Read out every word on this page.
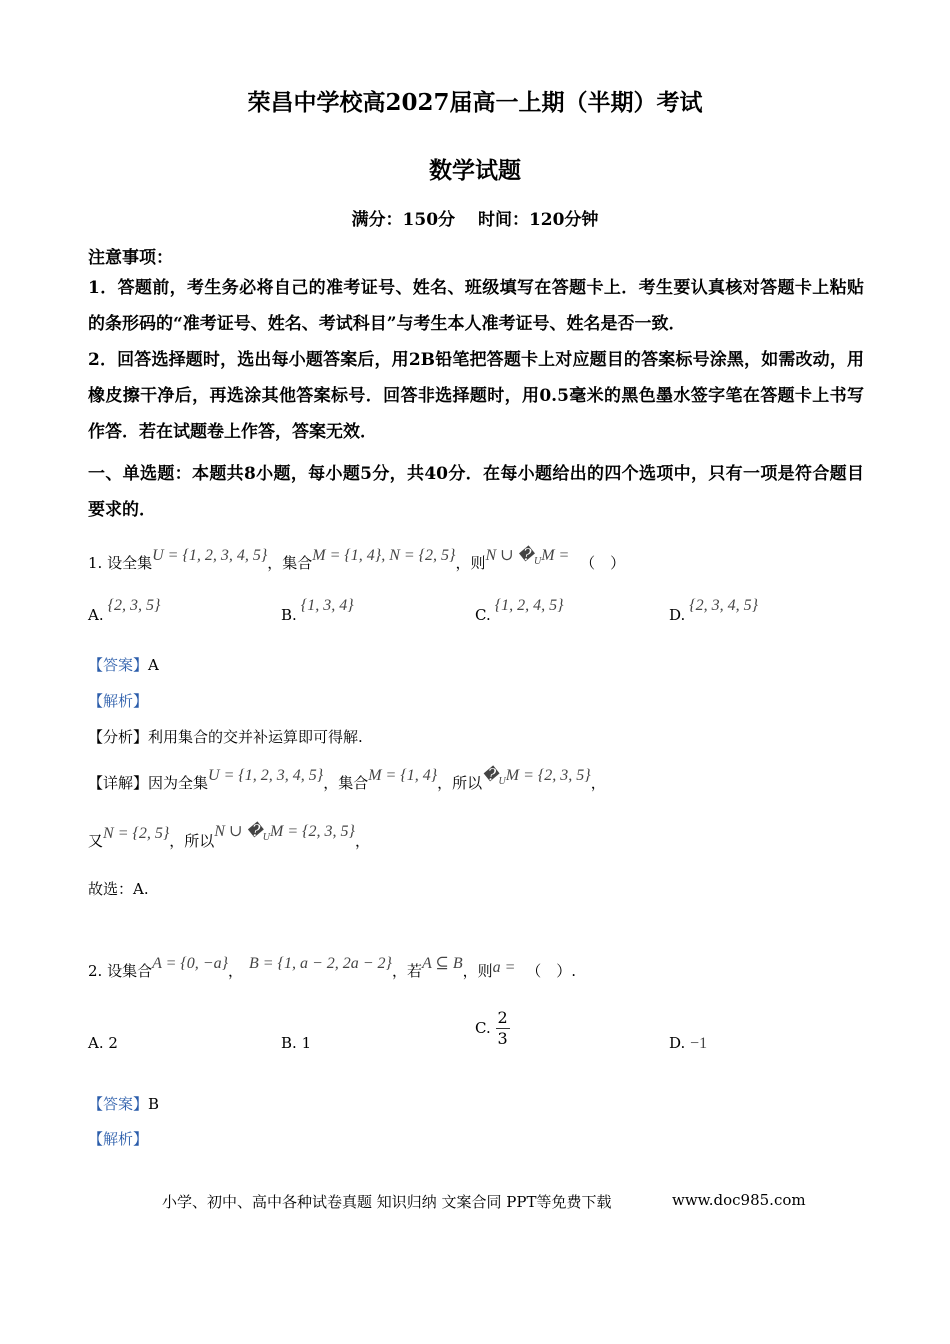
荣昌中学校高2027届高一上期（半期）考试
数学试题
满分：150分　 时间：120分钟
注意事项：
1．答题前，考生务必将自己的准考证号、姓名、班级填写在答题卡上．考生要认真核对答题卡上粘贴的条形码的“准考证号、姓名、考试科目”与考生本人准考证号、姓名是否一致．
2．回答选择题时，选出每小题答案后，用2B铅笔把答题卡上对应题目的答案标号涂黑，如需改动，用橡皮擦干净后，再选涂其他答案标号．回答非选择题时，用0.5毫米的黑色墨水签字笔在答题卡上书写作答．若在试题卷上作答，答案无效．
一、单选题：本题共8小题，每小题5分，共40分．在每小题给出的四个选项中，只有一项是符合题目要求的．
1. 设全集U = {1, 2, 3, 4, 5}，集合M = {1, 4}, N = {2, 5}，则N ∪ $�_UM$ = （　）
A.{2, 3, 5}
B.{1, 3, 4}
C.{1, 2, 4, 5}
D.{2, 3, 4, 5}
【答案】A
【解析】
【分析】利用集合的交并补运算即可得解.
【详解】因为全集U = {1, 2, 3, 4, 5}，集合M = {1, 4}，所以$�_UM = \{2$, 3, 5}，
又N = {2, 5}，所以N ∪ $�_UM = \{2$, 3, 5}，
故选：A.
2. 设集合A = {0, −a}， B = {1, a − 2, 2a − 2}，若A ⊆ B，则a = （　）.
A. 2	B. 1
C. $\frac{2}{3}$	D. −1
【答案】B
【解析】
小学、初中、高中各种试卷真题 知识归纳 文案合同 PPT等免费下载	www.doc985.com
